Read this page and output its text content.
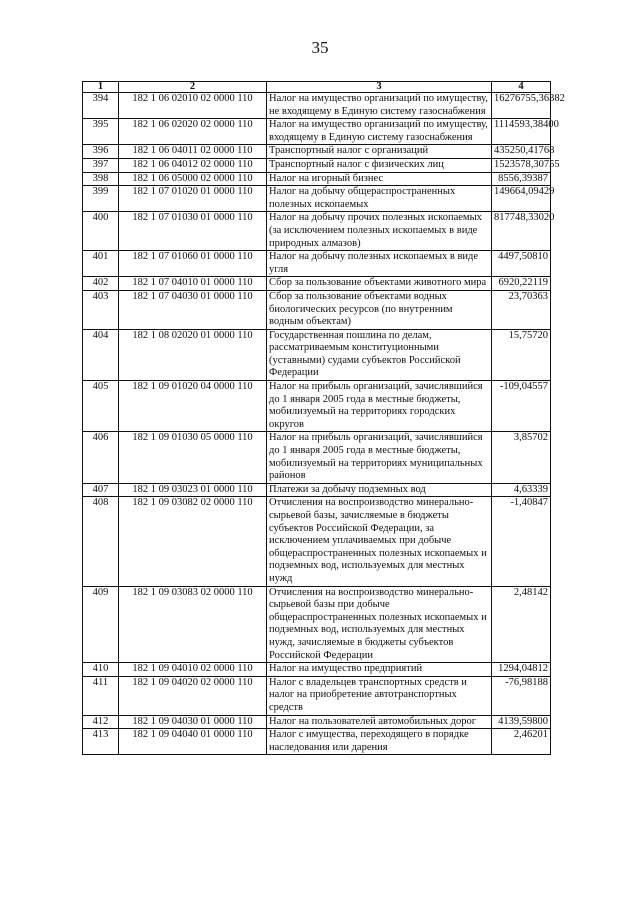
35
1	2	3	4
394	182 1 06 02010 02 0000 110	Налог на имущество организаций по имуществу, не входящему в Единую систему газоснабжения	16276755,36382
395	182 1 06 02020 02 0000 110	Налог на имущество организаций по имуществу, входящему в Единую систему газоснабжения	1114593,38400
396	182 1 06 04011 02 0000 110	Транспортный налог с организаций	435250,41768
397	182 1 06 04012 02 0000 110	Транспортный налог с физических лиц	1523578,30755
398	182 1 06 05000 02 0000 110	Налог на игорный бизнес	8556,39387
399	182 1 07 01020 01 0000 110	Налог на добычу общераспространенных полезных ископаемых	149664,09429
400	182 1 07 01030 01 0000 110	Налог на добычу прочих полезных ископаемых (за исключением полезных ископаемых в виде природных алмазов)	817748,33020
401	182 1 07 01060 01 0000 110	Налог на добычу полезных ископаемых в виде угля	4497,50810
402	182 1 07 04010 01 0000 110	Сбор за пользование объектами животного мира	6920,22119
403	182 1 07 04030 01 0000 110	Сбор за пользование объектами водных биологических ресурсов (по внутренним водным объектам)	23,70363
404	182 1 08 02020 01 0000 110	Государственная пошлина по делам, рассматриваемым конституционными (уставными) судами субъектов Российской Федерации	15,75720
405	182 1 09 01020 04 0000 110	Налог на прибыль организаций, зачислявшийся до 1 января 2005 года в местные бюджеты, мобилизуемый на территориях городских округов	-109,04557
406	182 1 09 01030 05 0000 110	Налог на прибыль организаций, зачислявшийся до 1 января 2005 года в местные бюджеты, мобилизуемый на территориях муниципальных районов	3,85702
407	182 1 09 03023 01 0000 110	Платежи за добычу подземных вод	4,63339
408	182 1 09 03082 02 0000 110	Отчисления на воспроизводство минерально-сырьевой базы, зачисляемые в бюджеты субъектов Российской Федерации, за исключением уплачиваемых при добыче общераспространенных полезных ископаемых и подземных вод, используемых для местных нужд	-1,40847
409	182 1 09 03083 02 0000 110	Отчисления на воспроизводство минерально-сырьевой базы при добыче общераспространенных полезных ископаемых и подземных вод, используемых для местных нужд, зачисляемые в бюджеты субъектов Российской Федерации	2,48142
410	182 1 09 04010 02 0000 110	Налог на имущество предприятий	1294,04812
411	182 1 09 04020 02 0000 110	Налог с владельцев транспортных средств и налог на приобретение автотранспортных средств	-76,98188
412	182 1 09 04030 01 0000 110	Налог на пользователей автомобильных дорог	4139,59800
413	182 1 09 04040 01 0000 110	Налог с имущества, переходящего в порядке наследования или дарения	2,46201
